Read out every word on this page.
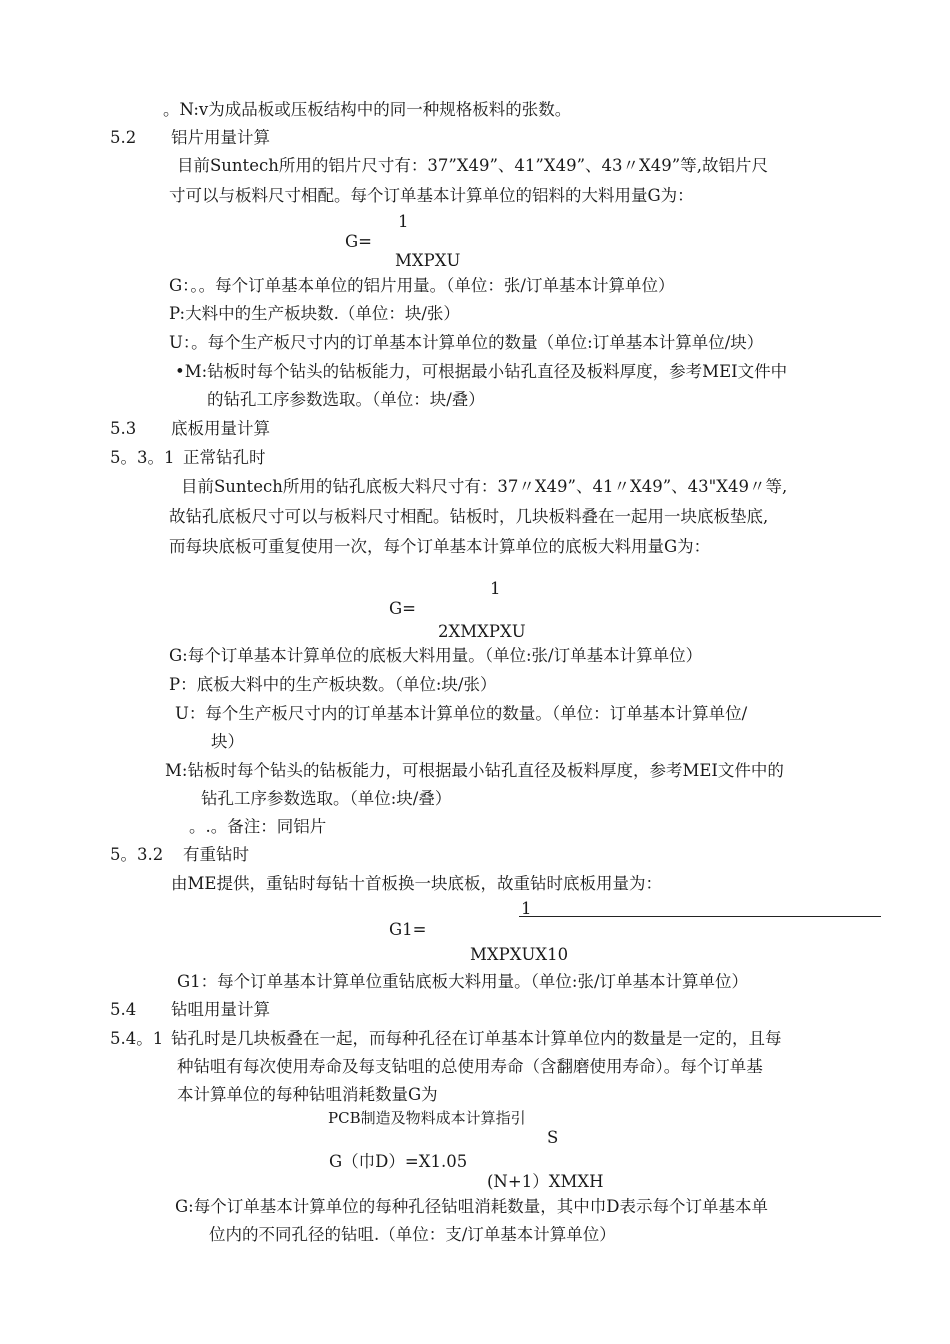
。N:v为成品板或压板结构中的同一种规格板料的张数。
5.2 铝片用量计算
目前Suntech所用的铝片尺寸有：37”X49”、41”X49”、43〃X49”等,故铝片尺
寸可以与板料尺寸相配。每个订单基本计算单位的铝料的大料用量G为：
1
G=
MXPXU
G：。。每个订单基本单位的铝片用量。（单位：张/订单基本计算单位）
P:大料中的生产板块数.（单位：块/张）
U：。每个生产板尺寸内的订单基本计算单位的数量（单位:订单基本计算单位/块）
•M:钻板时每个钻头的钻板能力，可根据最小钻孔直径及板料厚度，参考MEI文件中
的钻孔工序参数选取。（单位：块/叠）
5.3 底板用量计算
5。3。1 正常钻孔时
目前Suntech所用的钻孔底板大料尺寸有：37〃X49”、41〃X49”、43"X49〃等,
故钻孔底板尺寸可以与板料尺寸相配。钻板时，几块板料叠在一起用一块底板垫底,
而每块底板可重复使用一次，每个订单基本计算单位的底板大料用量G为：
1
G=
2XMXPXU
G:每个订单基本计算单位的底板大料用量。（单位:张/订单基本计算单位）
P：底板大料中的生产板块数。（单位:块/张）
U：每个生产板尺寸内的订单基本计算单位的数量。（单位：订单基本计算单位/
块）
M:钻板时每个钻头的钻板能力，可根据最小钻孔直径及板料厚度，参考MEI文件中的
钻孔工序参数选取。（单位:块/叠）
。.。备注：同铝片
5。3.2 有重钻时
由ME提供，重钻时每钻十首板换一块底板，故重钻时底板用量为：
1
G1=
MXPXUX10
G1：每个订单基本计算单位重钻底板大料用量。（单位:张/订单基本计算单位）
5.4 钻咀用量计算
5.4。1 钻孔时是几块板叠在一起，而每种孔径在订单基本计算单位内的数量是一定的，且每
种钻咀有每次使用寿命及每支钻咀的总使用寿命（含翻磨使用寿命）。每个订单基
本计算单位的每种钻咀消耗数量G为
PCB制造及物料成本计算指引
S
G（巾D）=X1.05
(N+1）XMXH
G:每个订单基本计算单位的每种孔径钻咀消耗数量，其中巾D表示每个订单基本单
位内的不同孔径的钻咀.（单位：支/订单基本计算单位）
